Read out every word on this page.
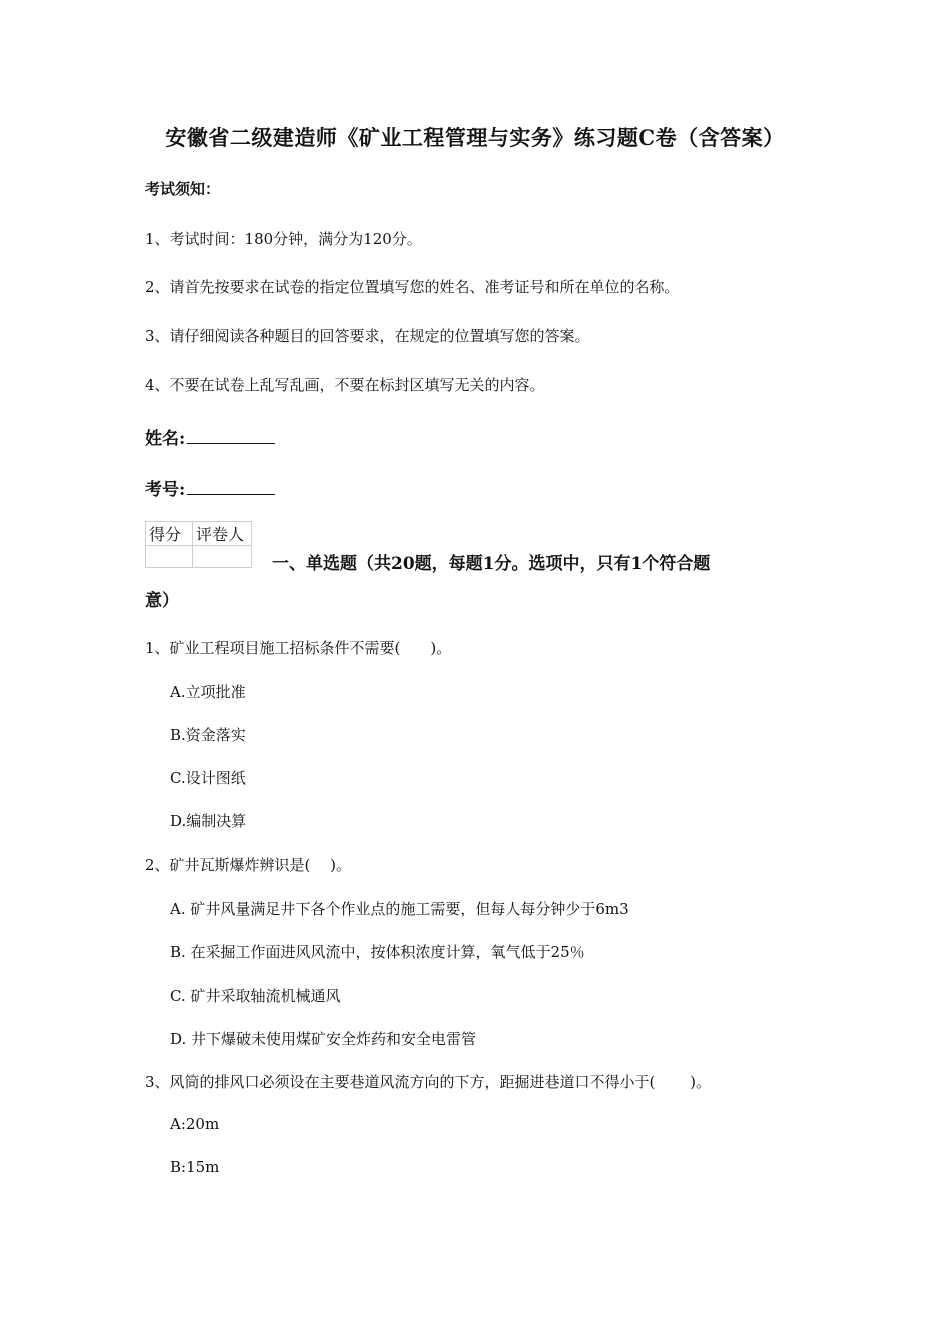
安徽省二级建造师《矿业工程管理与实务》练习题C卷（含答案）
考试须知：
1、考试时间：180分钟，满分为120分。
2、请首先按要求在试卷的指定位置填写您的姓名、准考证号和所在单位的名称。
3、请仔细阅读各种题目的回答要求，在规定的位置填写您的答案。
4、不要在试卷上乱写乱画，不要在标封区填写无关的内容。
姓名:
考号:
得分	评卷人

一、单选题（共20题，每题1分。选项中，只有1个符合题
意）
1、矿业工程项目施工招标条件不需要(　　)。
A.立项批准
B.资金落实
C.设计图纸
D.编制决算
2、矿井瓦斯爆炸辨识是(　 )。
A. 矿井风量满足井下各个作业点的施工需要，但每人每分钟少于6m3
B. 在采掘工作面进风风流中，按体积浓度计算，氧气低于25％
C. 矿井采取轴流机械通风
D. 井下爆破未使用煤矿安全炸药和安全电雷管
3、风筒的排风口必须设在主要巷道风流方向的下方，距掘进巷道口不得小于(　　 )。
A:20m
B:15m
